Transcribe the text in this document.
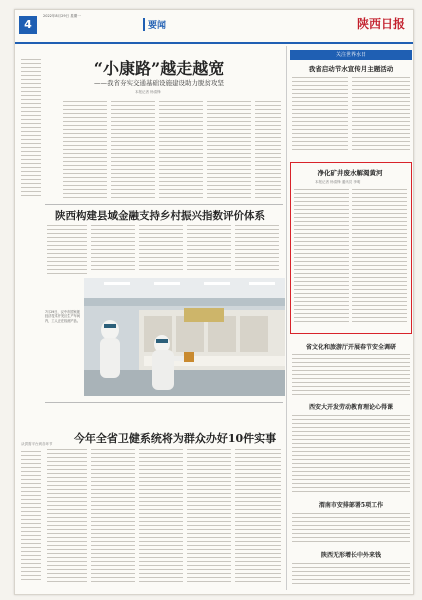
4
2022年8月29日 星期一
要闻	陕西日报
“小康路”越走越宽
——我省夯实交通基础设施建设助力脱贫攻坚
本报记者 杨清锋
陕西构建县域金融支持乡村振兴指数评价体系
7月29日，汉中市国家级经济技术开发区生产车间内，工人正在检测产品。
今年全省卫健系统将为群众办好10件实事
关注世界水日
我省启动节水宣传月主题活动
净化矿井废水解渴黄河
本报记者 杨清锋 通讯员 李明
省文化和旅游厅开展春节安全调研
西安大开发劳动教育理论心得课
渭南市安排部署5项工作
陕西无形增长中外来钱
从供需平台到各环节
